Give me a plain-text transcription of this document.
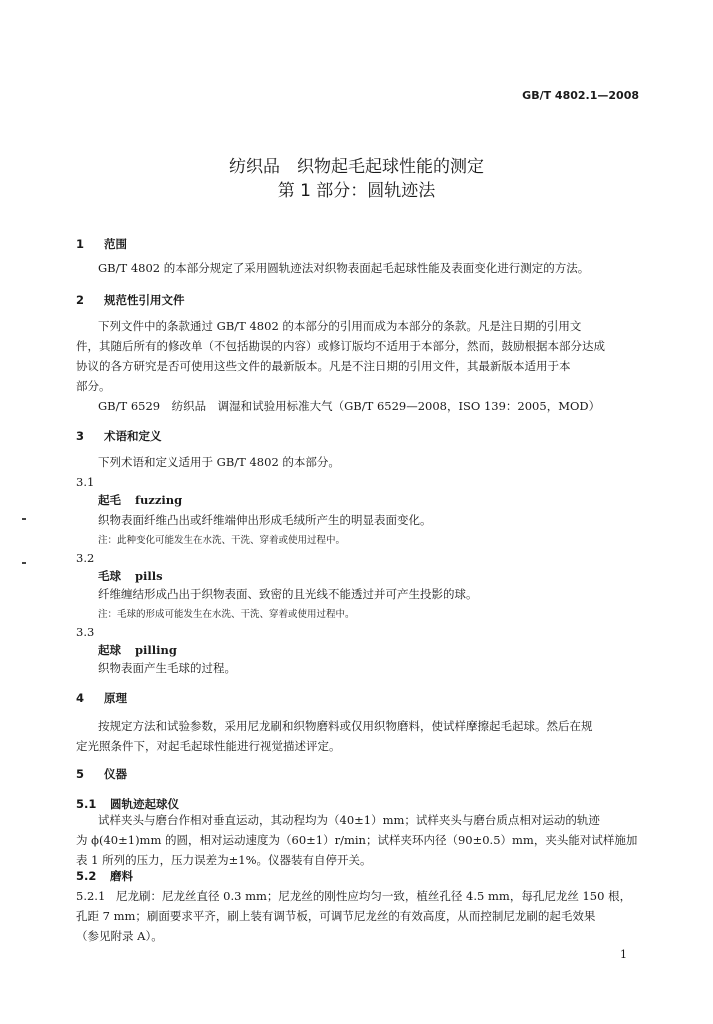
GB/T 4802.1—2008
纺织品　织物起毛起球性能的测定
第 1 部分：圆轨迹法
1 范围
GB/T 4802 的本部分规定了采用圆轨迹法对织物表面起毛起球性能及表面变化进行测定的方法。
2 规范性引用文件
下列文件中的条款通过 GB/T 4802 的本部分的引用而成为本部分的条款。凡是注日期的引用文
件，其随后所有的修改单（不包括勘误的内容）或修订版均不适用于本部分，然而，鼓励根据本部分达成
协议的各方研究是否可使用这些文件的最新版本。凡是不注日期的引用文件，其最新版本适用于本
部分。
GB/T 6529　纺织品　调湿和试验用标准大气（GB/T 6529—2008，ISO 139：2005，MOD）
3 术语和定义
下列术语和定义适用于 GB/T 4802 的本部分。
3.1
起毛 fuzzing
织物表面纤维凸出或纤维端伸出形成毛绒所产生的明显表面变化。
注：此种变化可能发生在水洗、干洗、穿着或使用过程中。
3.2
毛球 pills
纤维缠结形成凸出于织物表面、致密的且光线不能透过并可产生投影的球。
注：毛球的形成可能发生在水洗、干洗、穿着或使用过程中。
3.3
起球 pilling
织物表面产生毛球的过程。
4 原理
按规定方法和试验参数，采用尼龙刷和织物磨料或仅用织物磨料，使试样摩擦起毛起球。然后在规
定光照条件下，对起毛起球性能进行视觉描述评定。
5 仪器
5.1 圆轨迹起球仪
试样夹头与磨台作相对垂直运动，其动程均为（40±1）mm；试样夹头与磨台质点相对运动的轨迹
为 ϕ(40±1)mm 的圆，相对运动速度为（60±1）r/min；试样夹环内径（90±0.5）mm，夹头能对试样施加
表 1 所列的压力，压力误差为±1%。仪器装有自停开关。
5.2 磨料
5.2.1 尼龙刷：尼龙丝直径 0.3 mm；尼龙丝的刚性应均匀一致，植丝孔径 4.5 mm，每孔尼龙丝 150 根，
孔距 7 mm；刷面要求平齐，刷上装有调节板，可调节尼龙丝的有效高度，从而控制尼龙刷的起毛效果
（参见附录 A）。
1
